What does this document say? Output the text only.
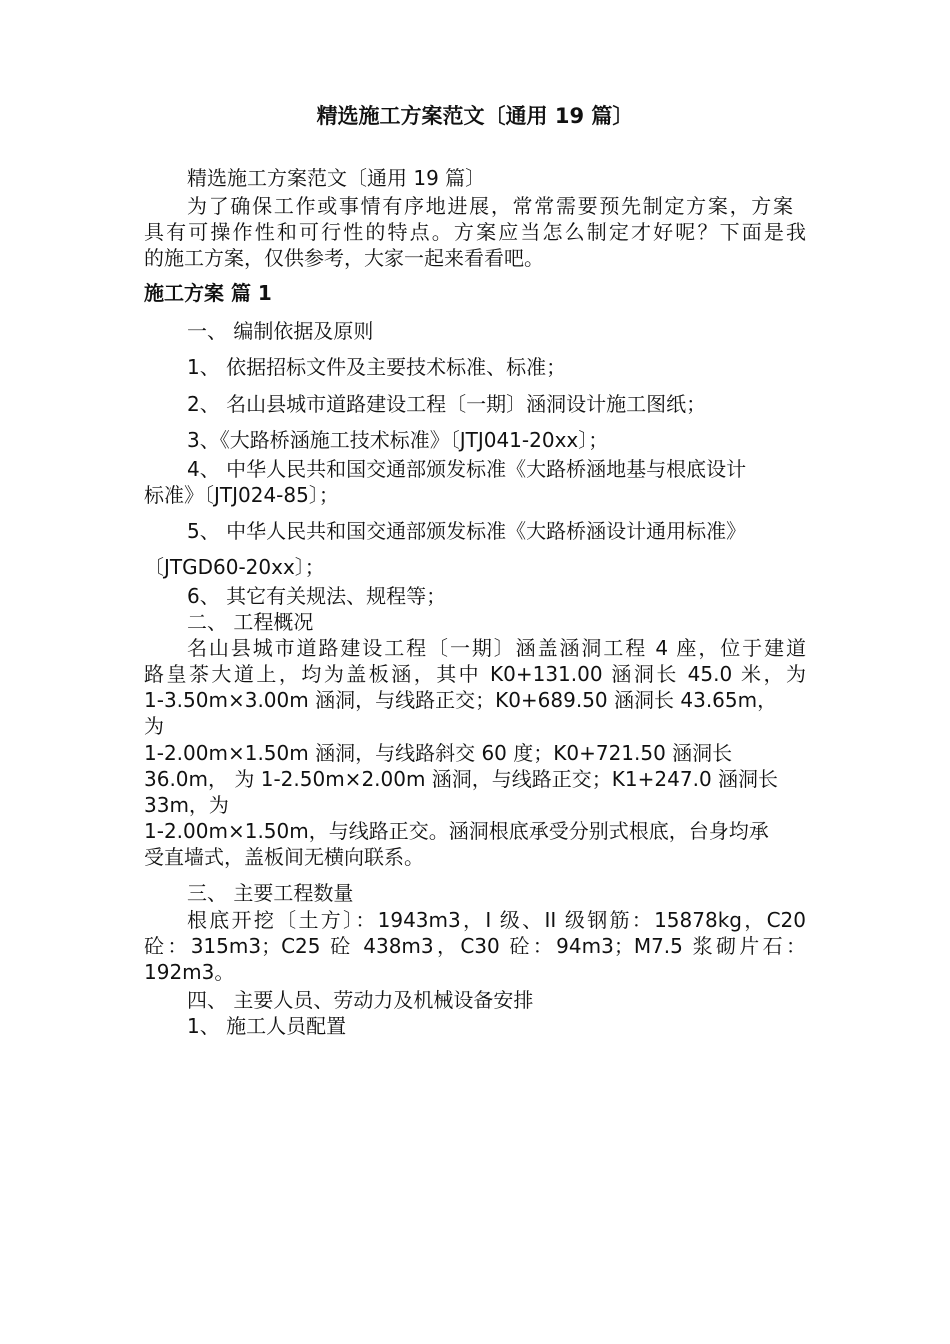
精选施工方案范文〔通用 19 篇〕
精选施工方案范文〔通用 19 篇〕
为了确保工作或事情有序地进展，常常需要预先制定方案，方案
具有可操作性和可行性的特点。方案应当怎么制定才好呢？下面是我
的施工方案，仅供参考，大家一起来看看吧。
施工方案 篇 1
一、 编制依据及原则
1、 依据招标文件及主要技术标准、标准；
2、 名山县城市道路建设工程〔一期〕涵洞设计施工图纸；
3、《大路桥涵施工技术标准》〔JTJ041-20xx〕；
4、 中华人民共和国交通部颁发标准《大路桥涵地基与根底设计
标准》〔JTJ024-85〕；
5、 中华人民共和国交通部颁发标准《大路桥涵设计通用标准》
〔JTGD60-20xx〕；
6、 其它有关规法、规程等；
二、 工程概况
名山县城市道路建设工程〔一期〕涵盖涵洞工程 4 座，位于建道
路皇茶大道上，均为盖板涵，其中 K0+131.00 涵洞长 45.0 米，为
1-3.50m×3.00m 涵洞，与线路正交；K0+689.50 涵洞长 43.65m，
为
1-2.00m×1.50m 涵洞，与线路斜交 60 度；K0+721.50 涵洞长
36.0m， 为 1-2.50m×2.00m 涵洞，与线路正交；K1+247.0 涵洞长
33m，为
1-2.00m×1.50m，与线路正交。涵洞根底承受分别式根底，台身均承
受直墙式，盖板间无横向联系。
三、 主要工程数量
根底开挖〔土方〕：1943m3，I 级、II 级钢筋：15878kg，C20
砼：315m3；C25 砼 438m3，C30 砼：94m3；M7.5 浆砌片石：
192m3。
四、 主要人员、劳动力及机械设备安排
1、 施工人员配置
